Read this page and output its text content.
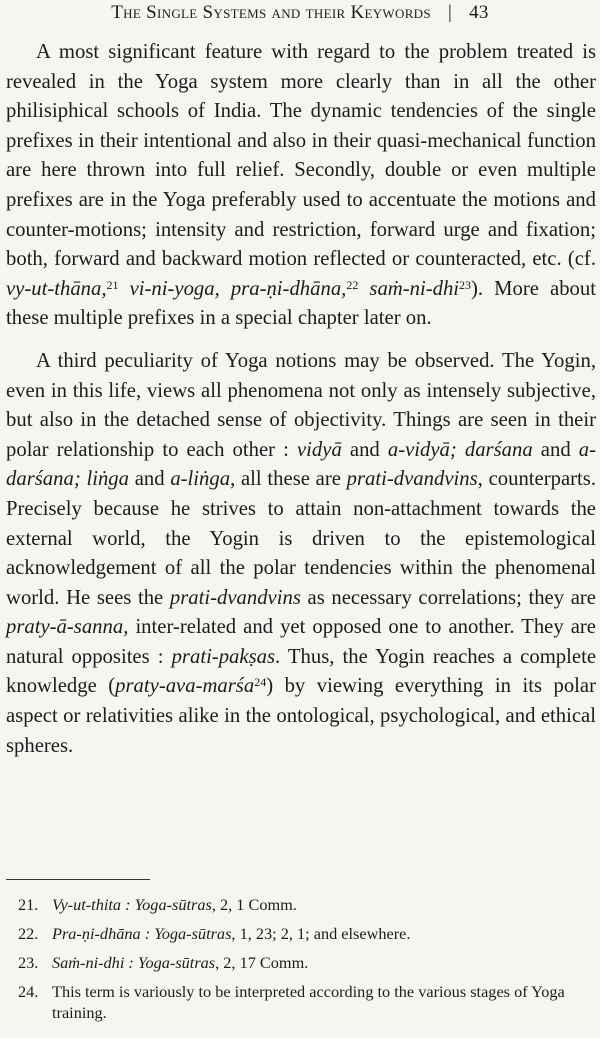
The Single Systems and their Keywords | 43

A most significant feature with regard to the problem treated is revealed in the Yoga system more clearly than in all the other philisiphical schools of India. The dynamic tendencies of the single prefixes in their intentional and also in their quasi-mechanical function are here thrown into full relief. Secondly, double or even multiple prefixes are in the Yoga preferably used to accentuate the motions and counter-motions; intensity and restriction, forward urge and fixation; both, forward and backward motion reflected or counteracted, etc. (cf. vy-ut-thāna,$^{21}$ vi-ni-yoga, pra-ṇi-dhāna,$^{22}$ saṁ-ni-dhi$^{23}$). More about these multiple prefixes in a special chapter later on.

A third peculiarity of Yoga notions may be observed. The Yogin, even in this life, views all phenomena not only as intensely subjective, but also in the detached sense of objectivity. Things are seen in their polar relationship to each other : vidyā and a-vidyā; darśana and a-darśana; liṅga and a-liṅga, all these are prati-dvandvins, counterparts. Precisely because he strives to attain non-attachment towards the external world, the Yogin is driven to the epistemological acknowledgement of all the polar tendencies within the phenomenal world. He sees the prati-dvandvins as necessary correlations; they are praty-ā-sanna, inter-related and yet opposed one to another. They are natural opposites : prati-pakṣas. Thus, the Yogin reaches a complete knowledge (praty-ava-marśa$^{24}$) by viewing everything in its polar aspect or relativities alike in the ontological, psychological, and ethical spheres.

21. Vy-ut-thita : Yoga-sūtras, 2, 1 Comm.
22. Pra-ṇi-dhāna : Yoga-sūtras, 1, 23; 2, 1; and elsewhere.
23. Saṁ-ni-dhi : Yoga-sūtras, 2, 17 Comm.
24. This term is variously to be interpreted according to the various stages of Yoga training.
